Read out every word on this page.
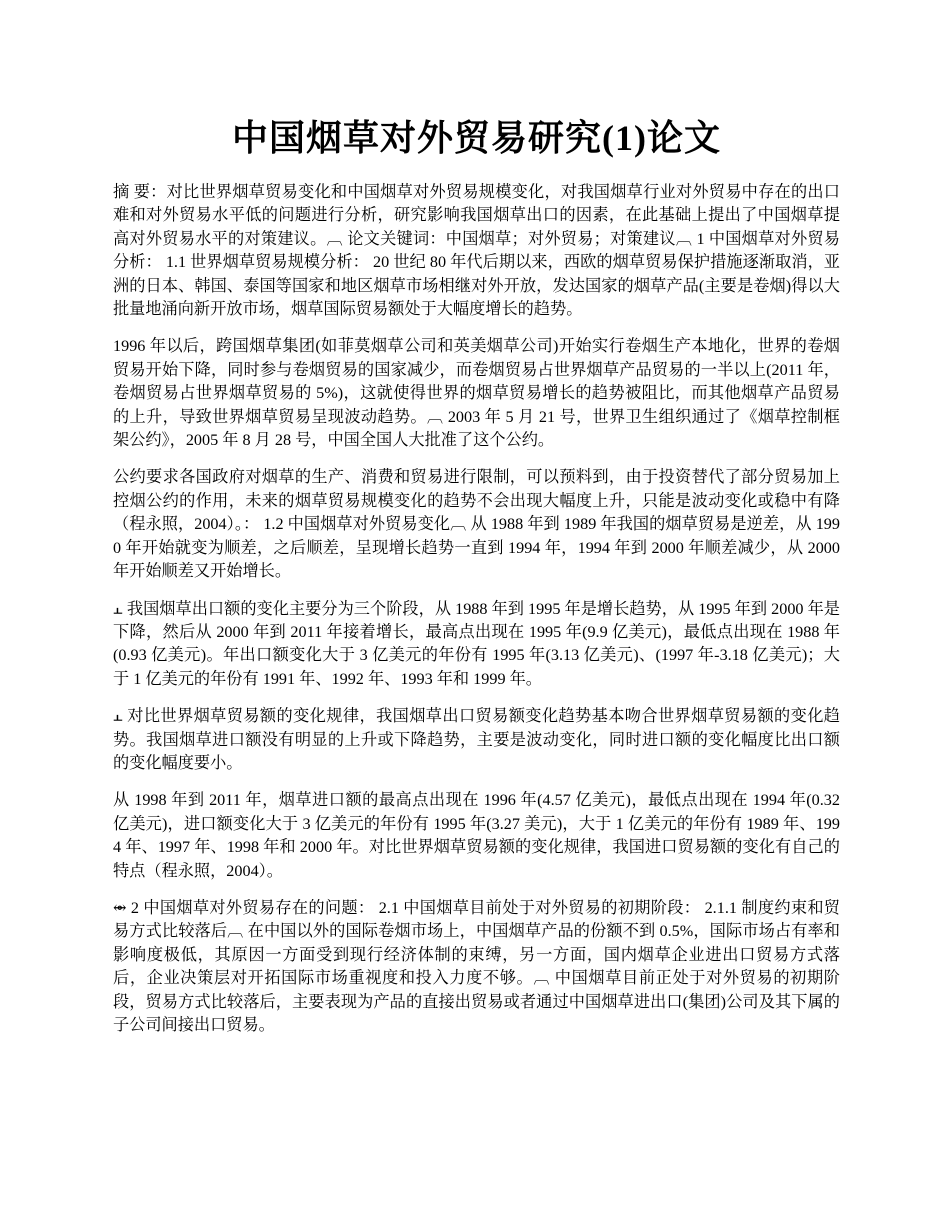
中国烟草对外贸易研究(1)论文

摘 要：对比世界烟草贸易变化和中国烟草对外贸易规模变化，对我国烟草行业对外贸易中存在的出口难和对外贸易水平低的问题进行分析，研究影响我国烟草出口的因素，在此基础上提出了中国烟草提高对外贸易水平的对策建议。︹ 论文关键词：中国烟草；对外贸易；对策建议︹ 1 中国烟草对外贸易分析： 1.1 世界烟草贸易规模分析： 20 世纪 80 年代后期以来，西欧的烟草贸易保护措施逐渐取消，亚洲的日本、韩国、泰国等国家和地区烟草市场相继对外开放，发达国家的烟草产品(主要是卷烟)得以大批量地涌向新开放市场，烟草国际贸易额处于大幅度增长的趋势。

1996 年以后，跨国烟草集团(如菲莫烟草公司和英美烟草公司)开始实行卷烟生产本地化，世界的卷烟贸易开始下降，同时参与卷烟贸易的国家减少，而卷烟贸易占世界烟草产品贸易的一半以上(2011 年，卷烟贸易占世界烟草贸易的 5%)，这就使得世界的烟草贸易增长的趋势被阻比，而其他烟草产品贸易的上升，导致世界烟草贸易呈现波动趋势。︹ 2003 年 5 月 21 号，世界卫生组织通过了《烟草控制框架公约》，2005 年 8 月 28 号，中国全国人大批准了这个公约。

公约要求各国政府对烟草的生产、消费和贸易进行限制，可以预料到，由于投资替代了部分贸易加上控烟公约的作用，未来的烟草贸易规模变化的趋势不会出现大幅度上升，只能是波动变化或稳中有降（程永照，2004）。： 1.2 中国烟草对外贸易变化︹ 从 1988 年到 1989 年我国的烟草贸易是逆差，从 1990 年开始就变为顺差，之后顺差，呈现增长趋势一直到 1994 年，1994 年到 2000 年顺差减少，从 2000 年开始顺差又开始增长。

⫠ 我国烟草出口额的变化主要分为三个阶段，从 1988 年到 1995 年是增长趋势，从 1995 年到 2000 年是下降，然后从 2000 年到 2011 年接着增长，最高点出现在 1995 年(9.9 亿美元)，最低点出现在 1988 年(0.93 亿美元)。年出口额变化大于 3 亿美元的年份有 1995 年(3.13 亿美元)、(1997 年-3.18 亿美元)；大于 1 亿美元的年份有 1991 年、1992 年、1993 年和 1999 年。

⫠ 对比世界烟草贸易额的变化规律，我国烟草出口贸易额变化趋势基本吻合世界烟草贸易额的变化趋势。我国烟草进口额没有明显的上升或下降趋势，主要是波动变化，同时进口额的变化幅度比出口额的变化幅度要小。

从 1998 年到 2011 年，烟草进口额的最高点出现在 1996 年(4.57 亿美元)，最低点出现在 1994 年(0.32 亿美元)，进口额变化大于 3 亿美元的年份有 1995 年(3.27 美元)，大于 1 亿美元的年份有 1989 年、1994 年、1997 年、1998 年和 2000 年。对比世界烟草贸易额的变化规律，我国进口贸易额的变化有自己的特点（程永照，2004）。

⥈ 2 中国烟草对外贸易存在的问题： 2.1 中国烟草目前处于对外贸易的初期阶段： 2.1.1 制度约束和贸易方式比较落后︹ 在中国以外的国际卷烟市场上，中国烟草产品的份额不到 0.5%，国际市场占有率和影响度极低，其原因一方面受到现行经济体制的束缚，另一方面，国内烟草企业进出口贸易方式落后，企业决策层对开拓国际市场重视度和投入力度不够。︹ 中国烟草目前正处于对外贸易的初期阶段，贸易方式比较落后，主要表现为产品的直接出贸易或者通过中国烟草进出口(集团)公司及其下属的子公司间接出口贸易。
